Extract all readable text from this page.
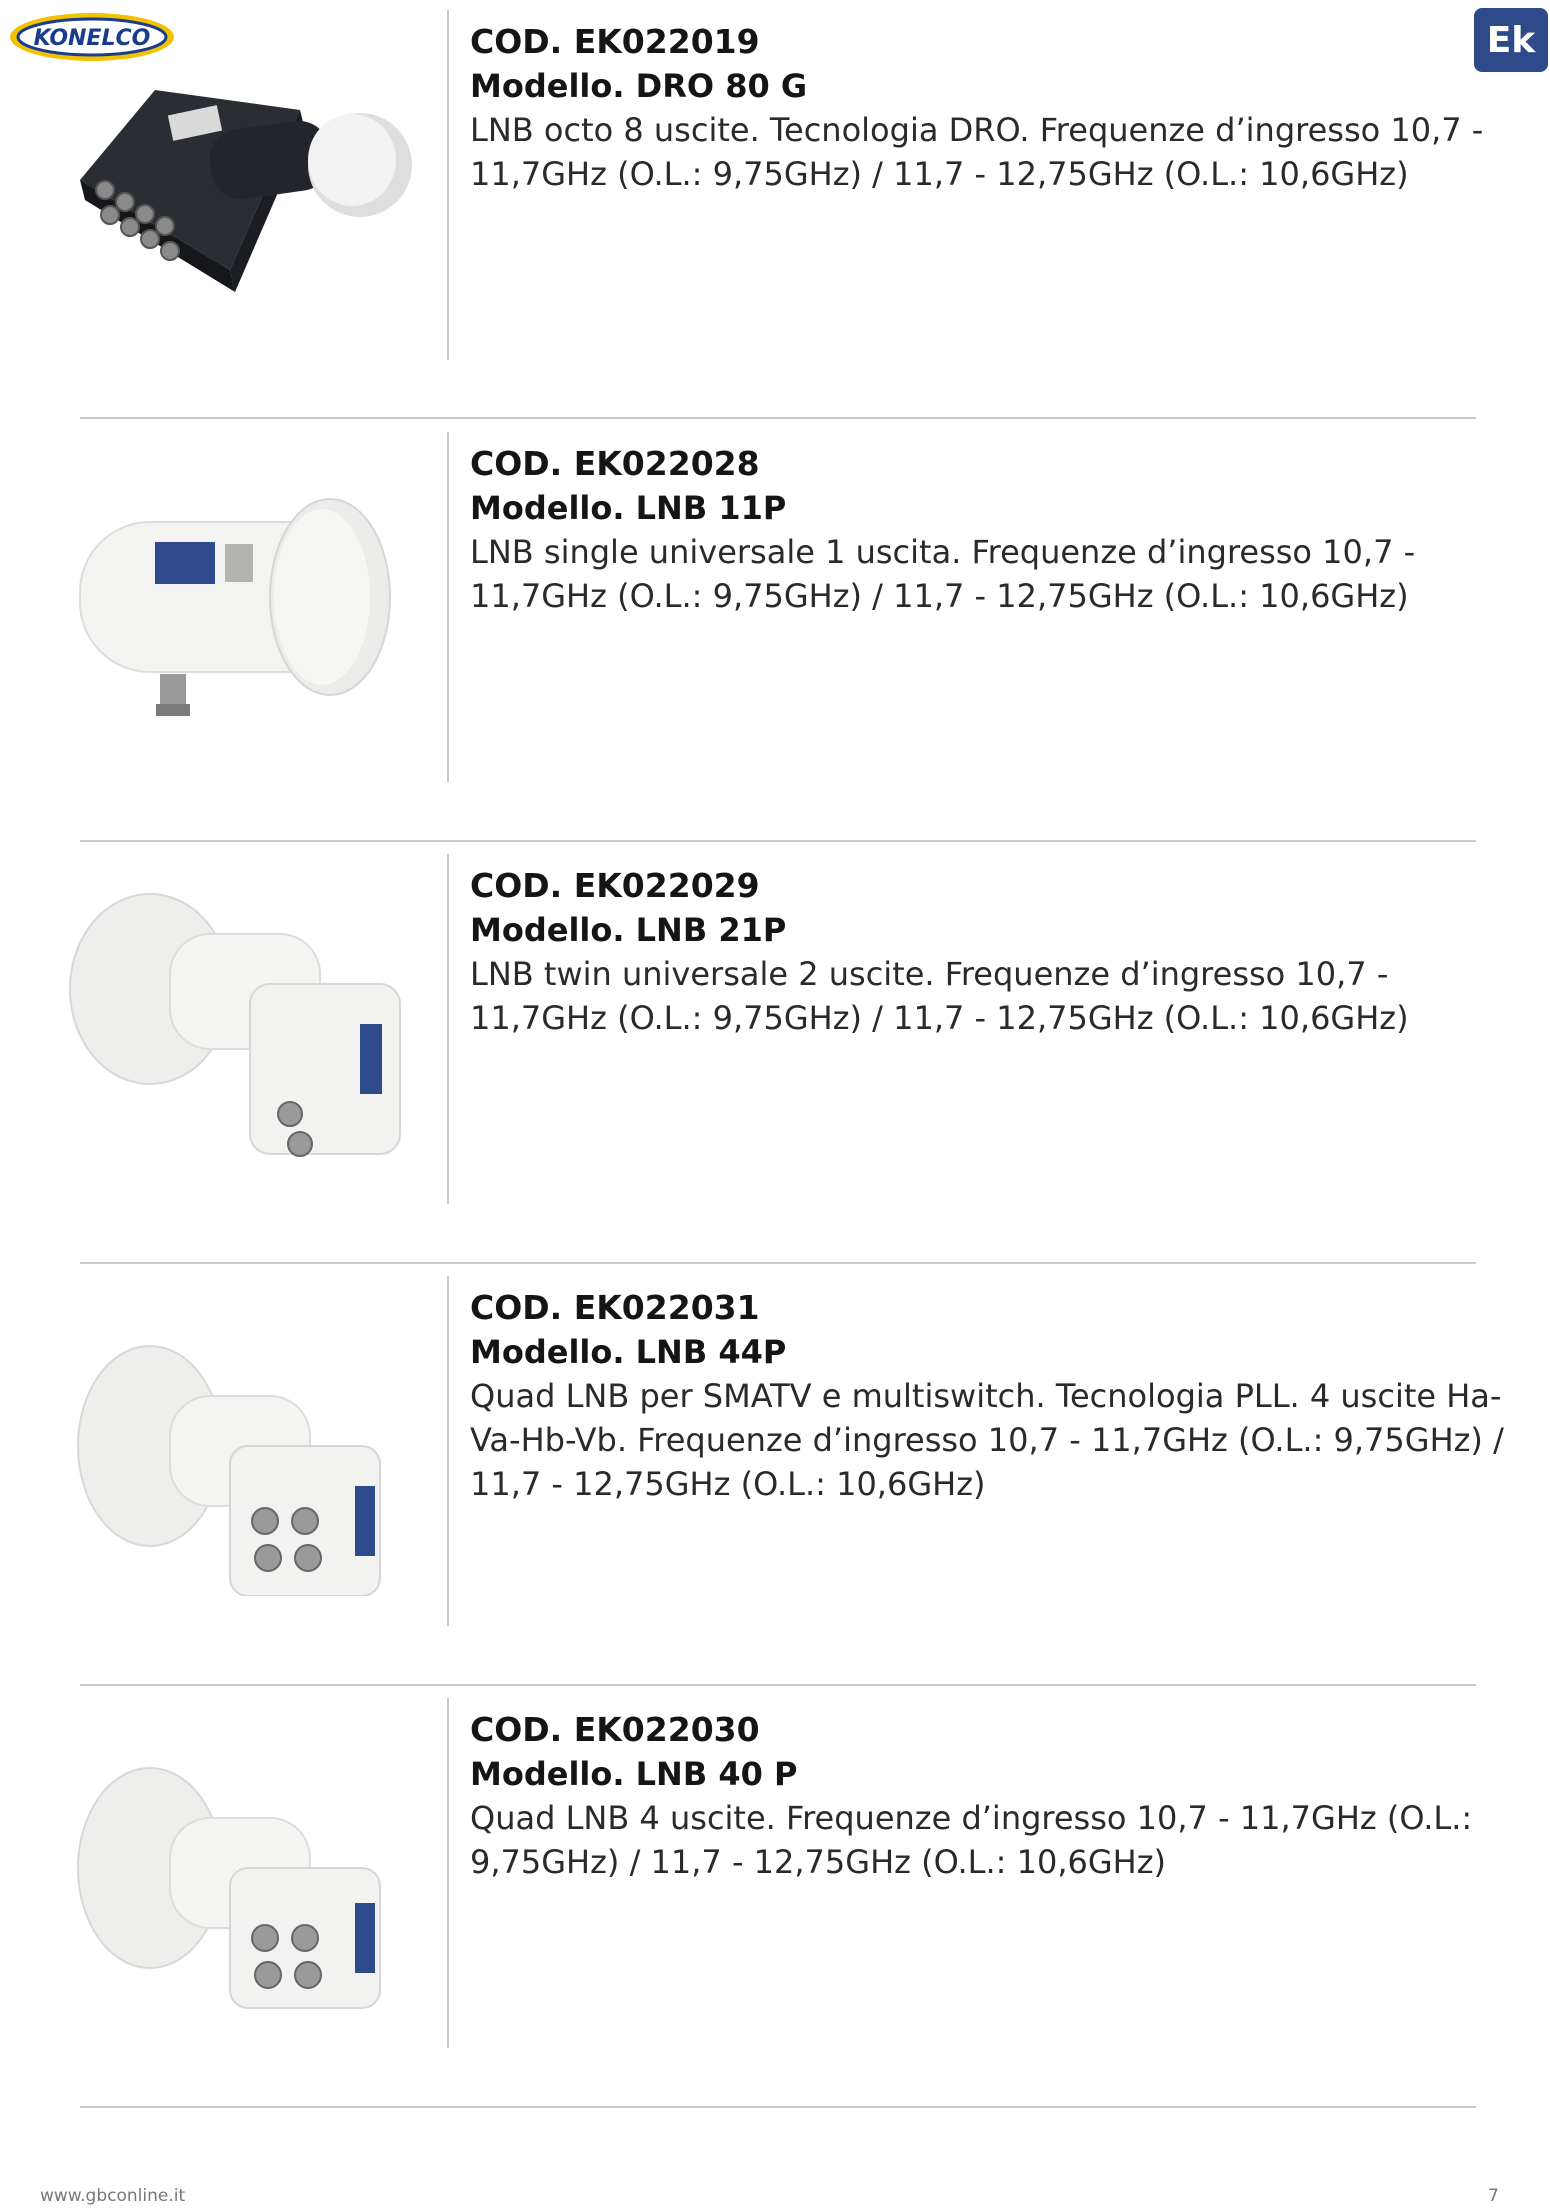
KONELCO	Ek

COD. EK022019

Modello. DRO 80 G

LNB octo 8 uscite. Tecnologia DRO. Frequenze d’ingresso 10,7 - 11,7GHz (O.L.: 9,75GHz) / 11,7 - 12,75GHz (O.L.: 10,6GHz)

COD. EK022028

Modello. LNB 11P

LNB single universale 1 uscita. Frequenze d’ingresso 10,7 - 11,7GHz (O.L.: 9,75GHz) / 11,7 - 12,75GHz (O.L.: 10,6GHz)

COD. EK022029

Modello. LNB 21P

LNB twin universale 2 uscite. Frequenze d’ingresso 10,7 - 11,7GHz (O.L.: 9,75GHz) / 11,7 - 12,75GHz (O.L.: 10,6GHz)

COD. EK022031

Modello. LNB 44P

Quad LNB per SMATV e multiswitch. Tecnologia PLL. 4 uscite Ha-Va-Hb-Vb. Frequenze d’ingresso 10,7 - 11,7GHz (O.L.: 9,75GHz) / 11,7 - 12,75GHz (O.L.: 10,6GHz)

COD. EK022030

Modello. LNB 40 P

Quad LNB 4 uscite. Frequenze d’ingresso 10,7 - 11,7GHz (O.L.: 9,75GHz) / 11,7 - 12,75GHz (O.L.: 10,6GHz)

www.gbconline.it	7
